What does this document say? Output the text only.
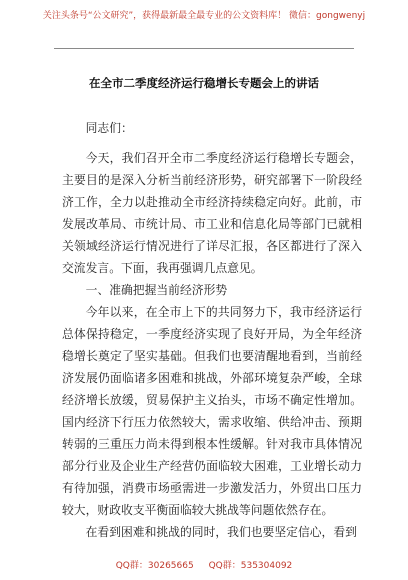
关注头条号“公文研究”，获得最新最全最专业的公文资料库！ 微信：gongwenyj
在全市二季度经济运行稳增长专题会上的讲话

同志们：

今天，我们召开全市二季度经济运行稳增长专题会，主要目的是深入分析当前经济形势，研究部署下一阶段经济工作，全力以赴推动全市经济持续稳定向好。此前，市发展改革局、市统计局、市工业和信息化局等部门已就相关领域经济运行情况进行了详尽汇报，各区都进行了深入交流发言。下面，我再强调几点意见。

一、准确把握当前经济形势

今年以来，在全市上下的共同努力下，我市经济运行总体保持稳定，一季度经济实现了良好开局，为全年经济稳增长奠定了坚实基础。但我们也要清醒地看到，当前经济发展仍面临诸多困难和挑战，外部环境复杂严峻，全球经济增长放缓，贸易保护主义抬头，市场不确定性增加。国内经济下行压力依然较大，需求收缩、供给冲击、预期转弱的三重压力尚未得到根本性缓解。针对我市具体情况部分行业及企业生产经营仍面临较大困难，工业增长动力有待加强，消费市场亟需进一步激发活力，外贸出口压力较大，财政收支平衡面临较大挑战等问题依然存在。

在看到困难和挑战的同时，我们也要坚定信心，看到

QQ群：30265665 QQ群：535304092
